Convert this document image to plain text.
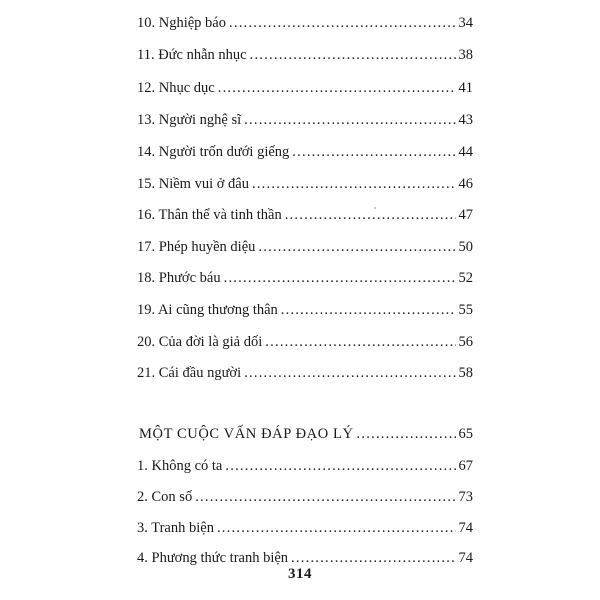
10. Nghiệp báo . . .	34
11. Đức nhẫn nhục . . .	38
12. Nhục dục . . .	41
13. Người nghệ sĩ . . .	43
14. Người trốn dưới giếng . . .	44
15. Niềm vui ở đâu . . .	46
16. Thân thể và tinh thần . . .	47
17. Phép huyền diệu . . .	50
18. Phước báu . . .	52
19. Ai cũng thương thân . . .	55
20. Của đời là giả dối . . .	56
21. Cái đầu người . . .	58
MỘT CUỘC VẤN ĐÁP ĐẠO LÝ . . .	65
1. Không có ta . . .	67
2. Con số . . .	73
3. Tranh biện . . .	74
4. Phương thức tranh biện . . .	74
314
